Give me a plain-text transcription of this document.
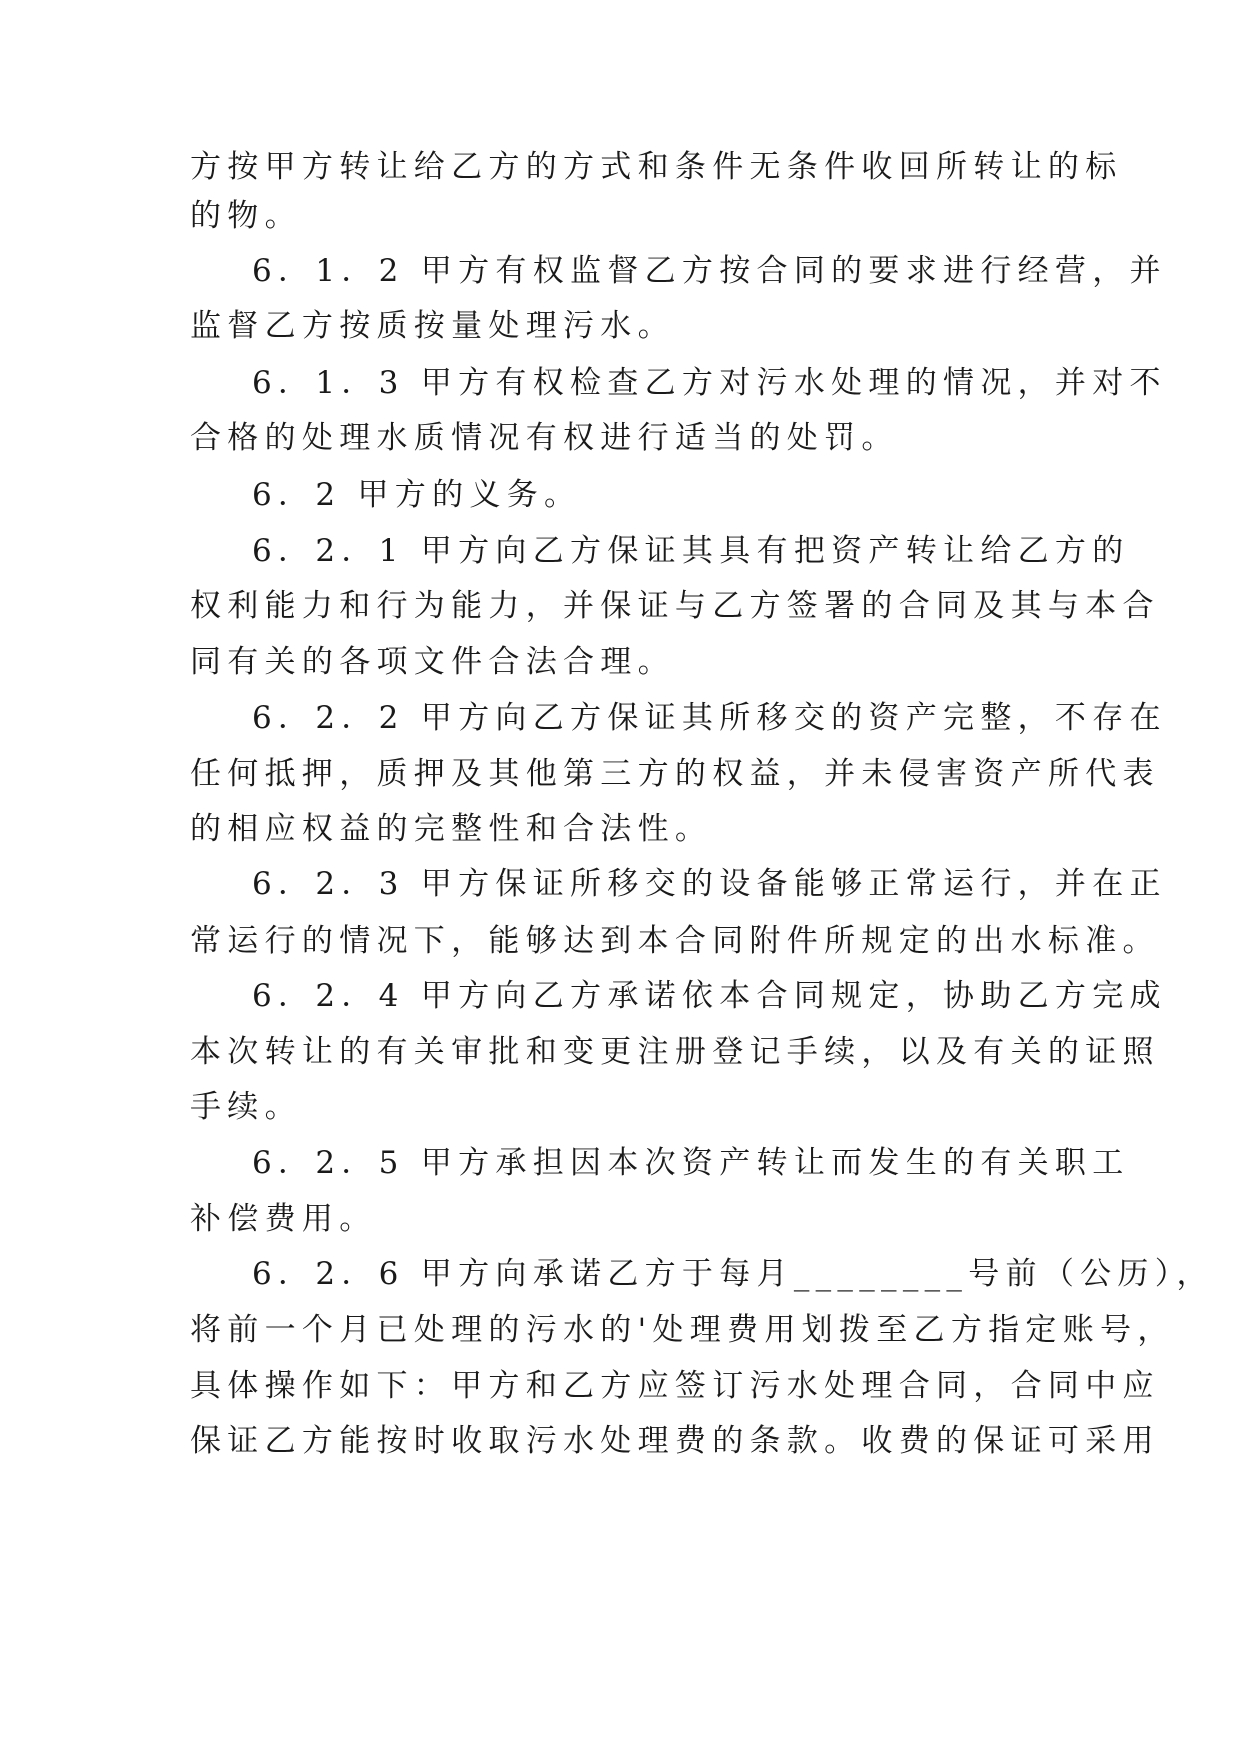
方按甲方转让给乙方的方式和条件无条件收回所转让的标
的物。
6．1．2 甲方有权监督乙方按合同的要求进行经营，并
监督乙方按质按量处理污水。
6．1．3 甲方有权检查乙方对污水处理的情况，并对不
合格的处理水质情况有权进行适当的处罚。
6．2 甲方的义务。
6．2．1 甲方向乙方保证其具有把资产转让给乙方的
权利能力和行为能力，并保证与乙方签署的合同及其与本合
同有关的各项文件合法合理。
6．2．2 甲方向乙方保证其所移交的资产完整，不存在
任何抵押，质押及其他第三方的权益，并未侵害资产所代表
的相应权益的完整性和合法性。
6．2．3 甲方保证所移交的设备能够正常运行，并在正
常运行的情况下，能够达到本合同附件所规定的出水标准。
6．2．4 甲方向乙方承诺依本合同规定，协助乙方完成
本次转让的有关审批和变更注册登记手续，以及有关的证照
手续。
6．2．5 甲方承担因本次资产转让而发生的有关职工
补偿费用。
6．2．6 甲方向承诺乙方于每月________号前（公历），
将前一个月已处理的污水的'处理费用划拨至乙方指定账号，
具体操作如下：甲方和乙方应签订污水处理合同，合同中应
保证乙方能按时收取污水处理费的条款。收费的保证可采用
